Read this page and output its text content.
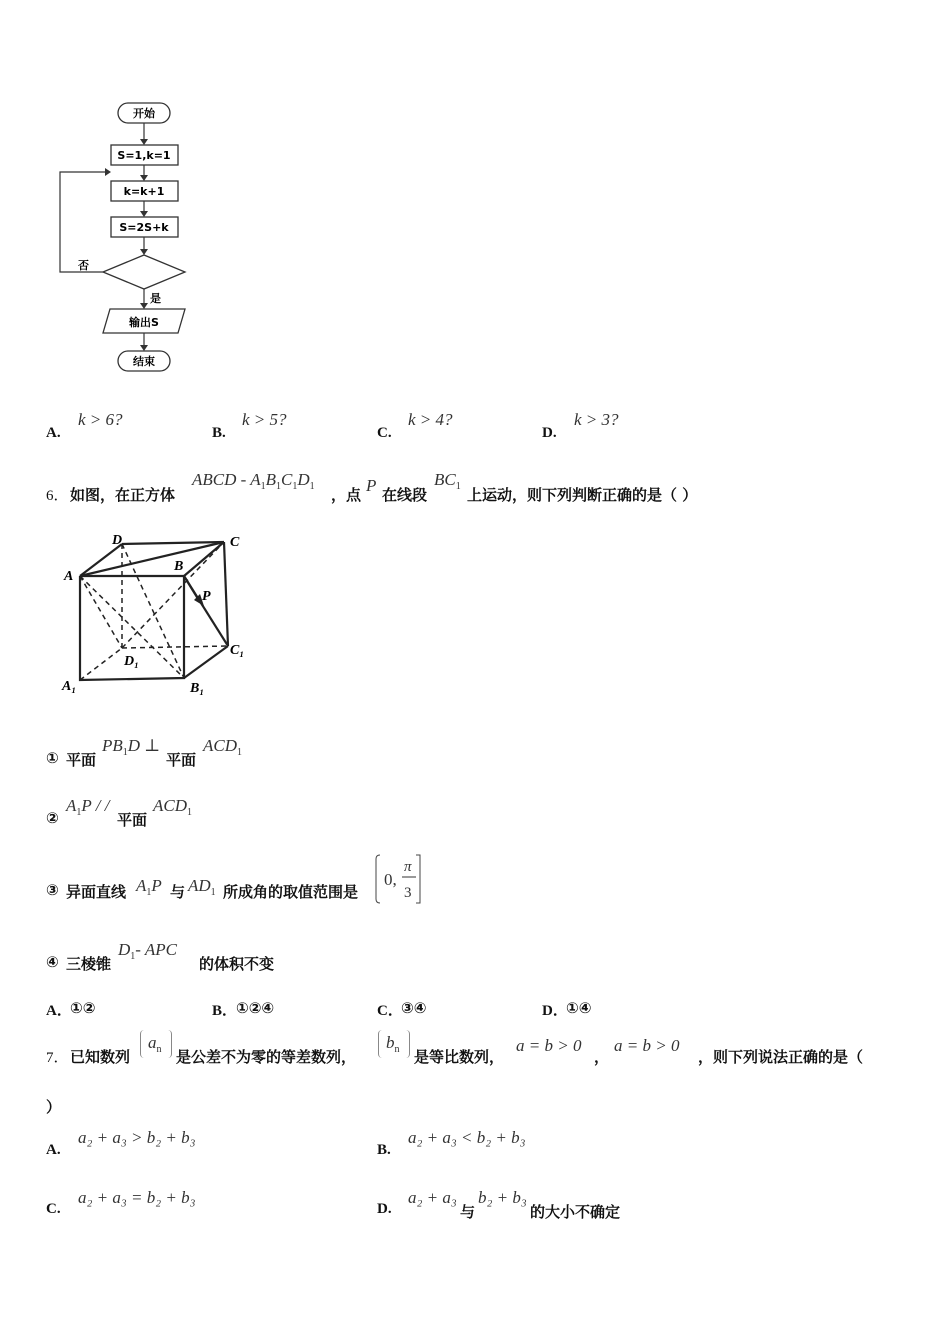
开始
S=1,k=1
k=k+1
S=2S+k
否
是
输出S
结束
A.
k > 6?
B.
k > 5?
C.
k > 4?
D.
k > 3?
6． 如图，在正方体
ABCD - $A_1B_1C_1D_1$ ，点 P 在线段
$BC_1$ 上运动，则下列判断正确的是（ ）
D	C
A
B
P
D₁
C₁
A₁	B₁
① 平面
$PB_1D$ ⊥
平面
$ACD_1$
②
$A_1P$ / /
平面
$ACD_1$
③ 异面直线 $A_1P$ 与 $AD_1$ 所成角的取值范围是
0,
π
3
④ 三棱锥
$D_1-$ APC
的体积不变
A．
①②	B．
①②④	C．
③④	D．
①④
7． 已知数列
$a_n$ 是公差不为零的等差数列，
$b_n$ 是等比数列，
a = b > 0
，
a = b > 0
，则下列说法正确的是（
）
A.
a₂ + a₃ > b₂ + b₃
B.
a₂ + a₃ < b₂ + b₃
C.
a₂ + a₃ = b₂ + b₃
D.
a₂ + a₃
与
b₂ + b₃
的大小不确定
